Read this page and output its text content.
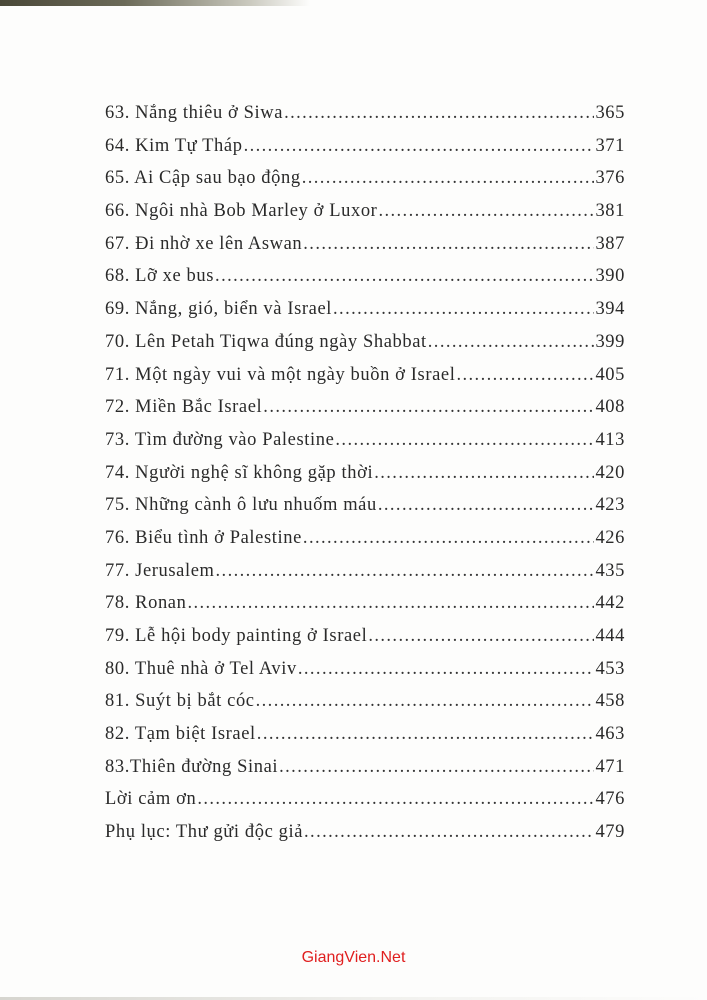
63. Nắng thiêu ở Siwa .....	365
64. Kim Tự Tháp .....	371
65. Ai Cập sau bạo động .....	376
66. Ngôi nhà Bob Marley ở Luxor .....	381
67. Đi nhờ xe lên Aswan .....	387
68. Lỡ xe bus .....	390
69. Nắng, gió, biển và Israel .....	394
70. Lên Petah Tiqwa đúng ngày Shabbat .....	399
71. Một ngày vui và một ngày buồn ở Israel .....	405
72. Miền Bắc Israel .....	408
73. Tìm đường vào Palestine .....	413
74. Người nghệ sĩ không gặp thời .....	420
75. Những cành ô lưu nhuốm máu .....	423
76. Biểu tình ở Palestine .....	426
77. Jerusalem .....	435
78. Ronan .....	442
79. Lễ hội body painting ở Israel .....	444
80. Thuê nhà ở Tel Aviv .....	453
81. Suýt bị bắt cóc .....	458
82. Tạm biệt Israel .....	463
83.Thiên đường Sinai .....	471
Lời cảm ơn .....	476
Phụ lục: Thư gửi độc giả .....	479
GiangVien.Net
